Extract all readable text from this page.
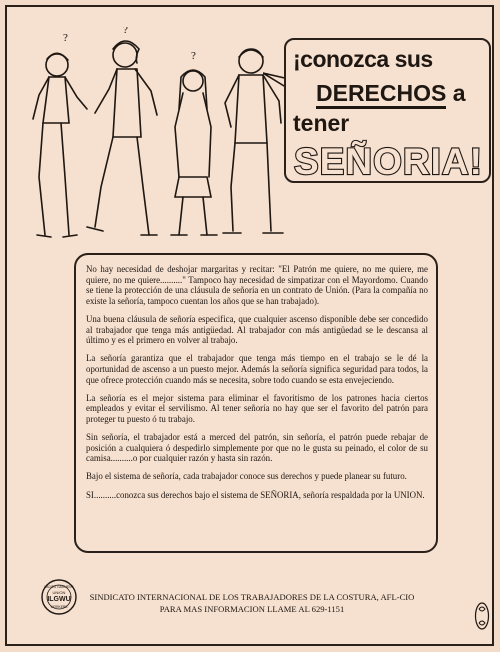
?
?
?	¡conozca sus
DERECHOS a
tener
SEÑORIA!

No hay necesidad de deshojar margaritas y recitar: "El Patrón me quiere, no me quiere, me quiere, no me quiere.........." Tampoco hay necesidad de simpatizar con el Mayordomo. Cuando se tiene la protección de una cláusula de señoría en un contrato de Unión. (Para la compañía no existe la señoría, tampoco cuentan los años que se han trabajado).

Una buena cláusula de señoría especifica, que cualquier ascenso disponible debe ser concedido al trabajador que tenga más antigüedad. Al trabajador con más antigüedad se le descansa al último y es el primero en volver al trabajo.

La señoría garantiza que el trabajador que tenga más tiempo en el trabajo se le dé la oportunidad de ascenso a un puesto mejor. Además la señoría significa seguridad para todos, la que ofrece protección cuando más se necesita, sobre todo cuando se esta envejeciendo.

La señoría es el mejor sistema para eliminar el favoritismo de los patrones hacia ciertos empleados y evitar el servilismo. Al tener señoría no hay que ser el favorito del patrón para proteger tu puesto ó tu trabajo.

Sin señoría, el trabajador está a merced del patrón, sin señoría, el patrón puede rebajar de posición a cualquiera ó despedirlo simplemente por que no le gusta su peinado, el color de su camisa..........o por cualquier razón y hasta sin razón.

Bajo el sistema de señoría, cada trabajador conoce sus derechos y puede planear su futuro.

SI..........conozca sus derechos bajo el sistema de SEÑORIA, señoría respaldada por la UNION.

LADIES GARMENT
UNION
ILGWU
WORKERS
SINDICATO INTERNACIONAL DE LOS TRABAJADORES DE LA COSTURA, AFL-CIO
PARA MAS INFORMACION LLAME AL 629-1151
